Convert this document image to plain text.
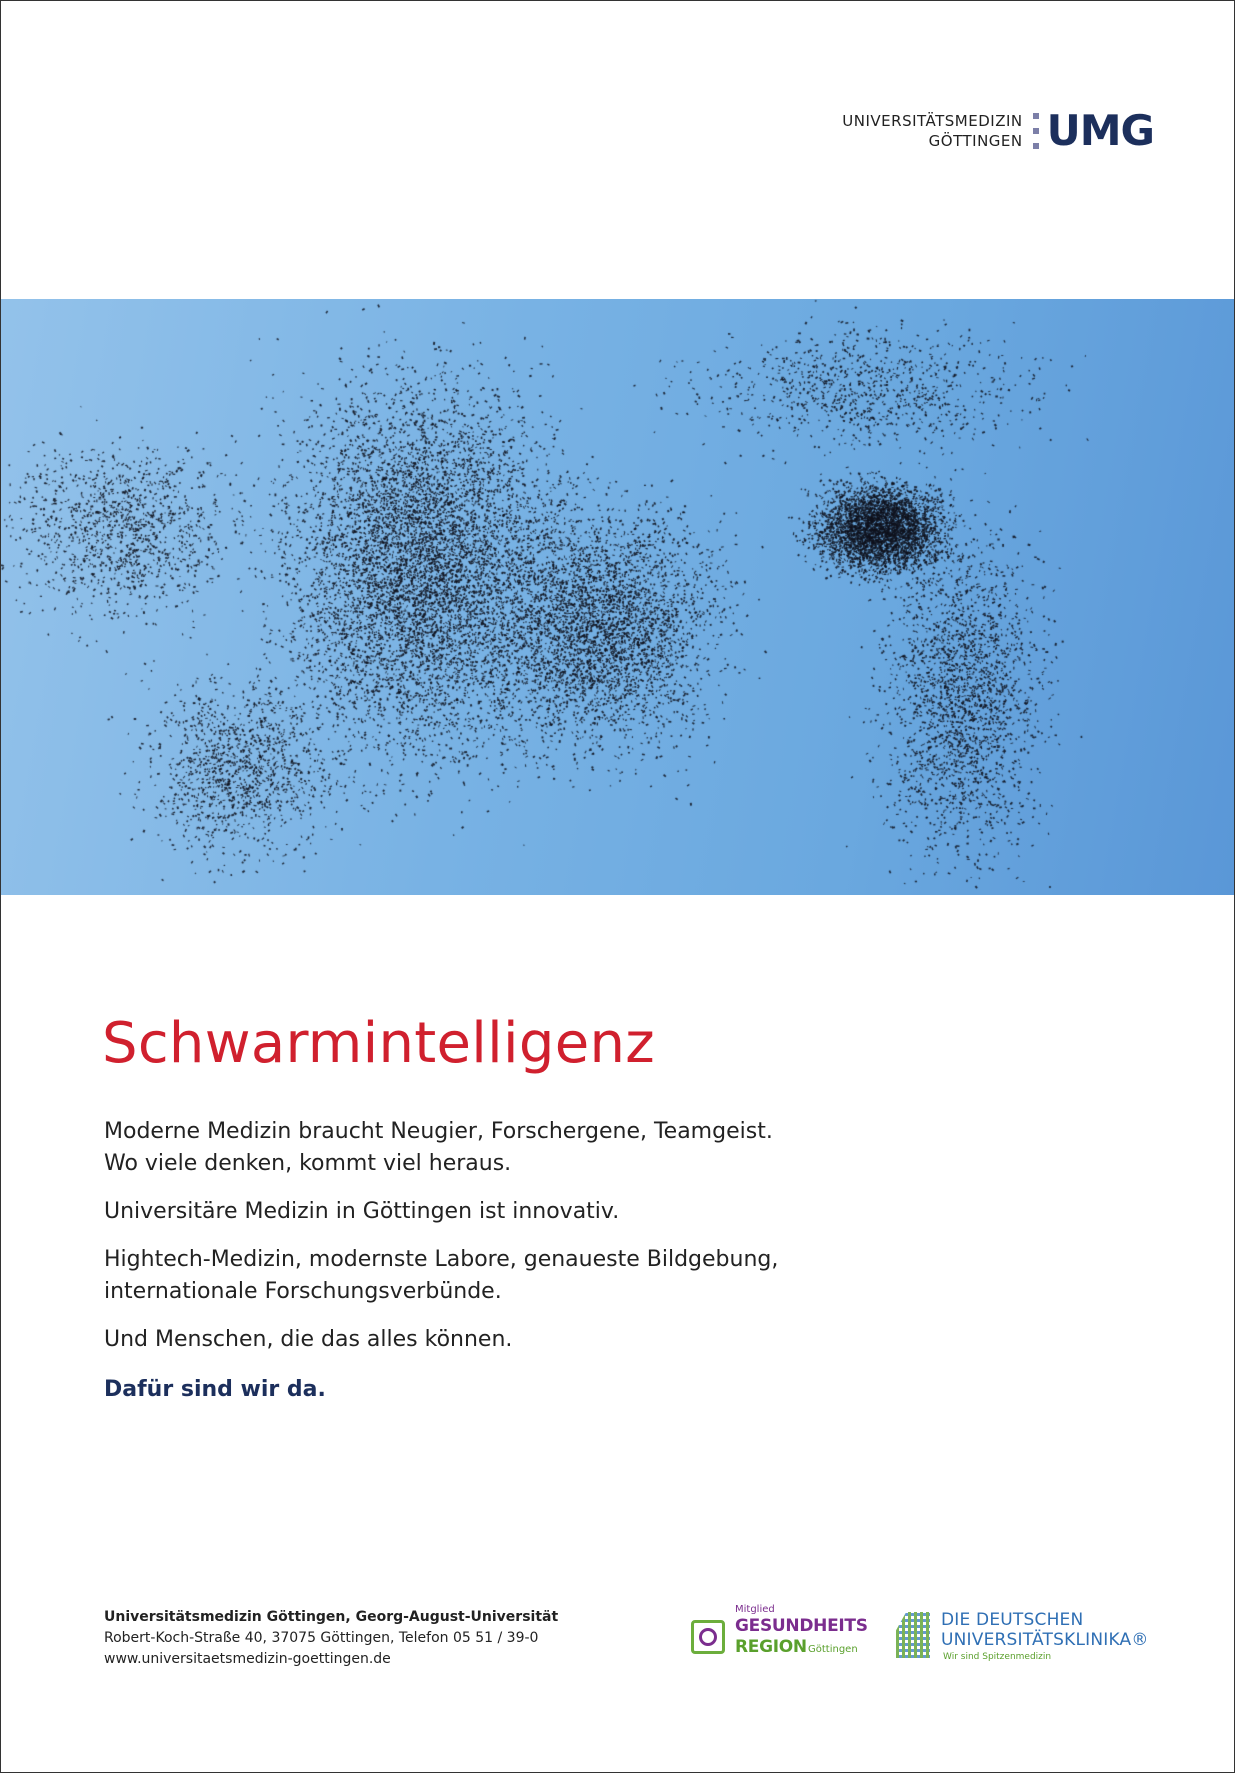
UNIVERSITÄTSMEDIZIN
GÖTTINGEN UMG
Schwarmintelligenz

Moderne Medizin braucht Neugier, Forschergene, Teamgeist.
Wo viele denken, kommt viel heraus.

Universitäre Medizin in Göttingen ist innovativ.

Hightech-Medizin, modernste Labore, genaueste Bildgebung,
internationale Forschungsverbünde.

Und Menschen, die das alles können.

Dafür sind wir da.

Universitätsmedizin Göttingen, Georg-August-Universität
Robert-Koch-Straße 40, 37075 Göttingen, Telefon 05 51 / 39-0
www.universitaetsmedizin-goettingen.de
Mitglied
GESUNDHEITS
REGION Göttingen
DIE DEUTSCHEN
UNIVERSITÄTSKLINIKA®
Wir sind Spitzenmedizin
